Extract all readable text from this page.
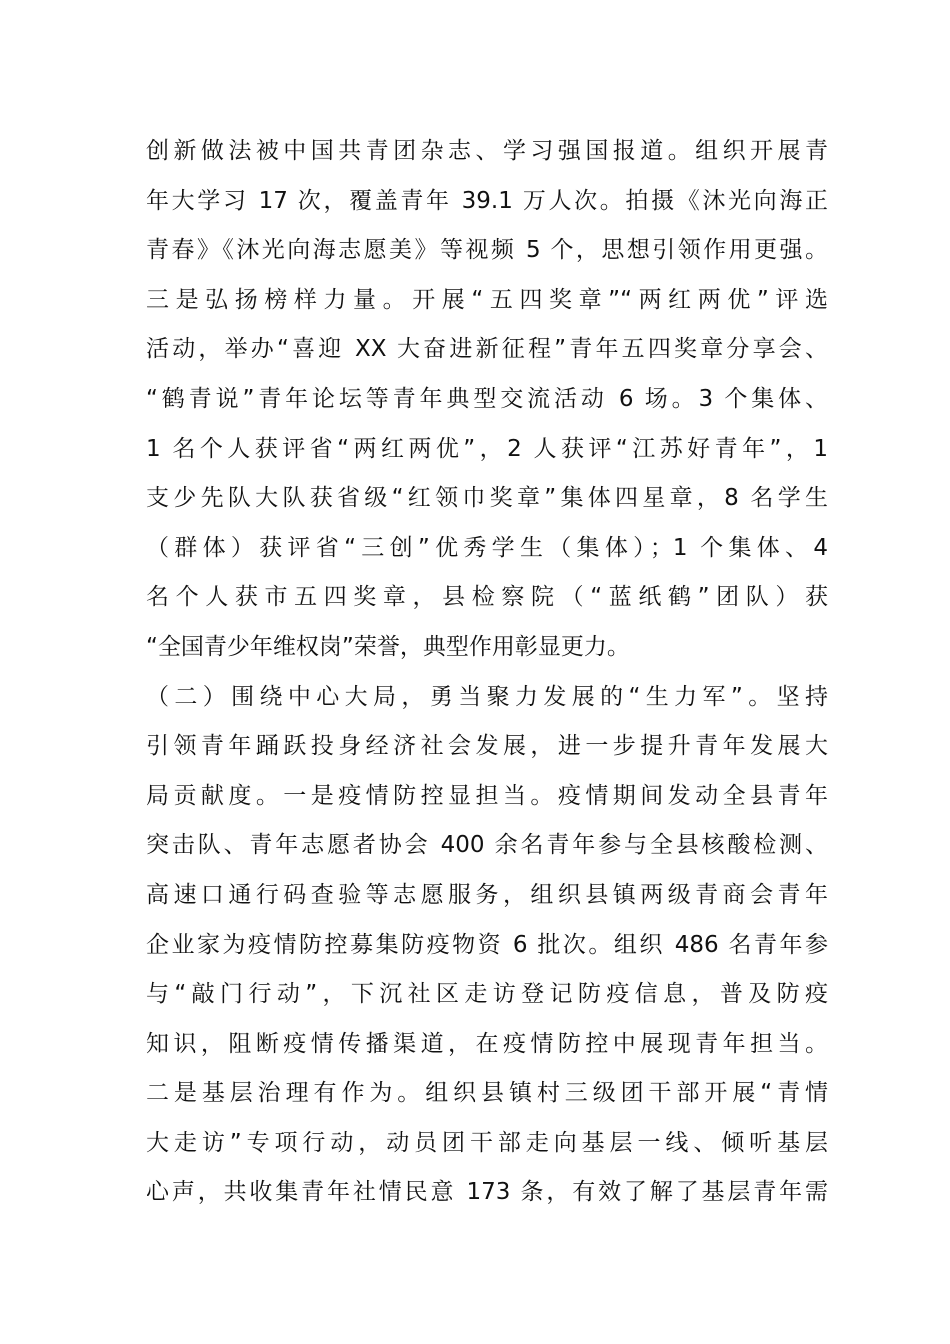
创新做法被中国共青团杂志、学习强国报道。组织开展青
年大学习 17 次，覆盖青年 39.1 万人次。拍摄《沐光向海正
青春》《沐光向海志愿美》等视频 5 个，思想引领作用更强。
三是弘扬榜样力量。开展“五四奖章”“两红两优”评选
活动，举办“喜迎 XX 大奋进新征程”青年五四奖章分享会、
“鹤青说”青年论坛等青年典型交流活动 6 场。3 个集体、
1 名个人获评省“两红两优”，2 人获评“江苏好青年”，1
支少先队大队获省级“红领巾奖章”集体四星章，8 名学生
（群体）获评省“三创”优秀学生（集体）；1 个集体、4
名个人获市五四奖章，县检察院（“蓝纸鹤”团队）获
“全国青少年维权岗”荣誉，典型作用彰显更力。
（二）围绕中心大局，勇当聚力发展的“生力军”。坚持
引领青年踊跃投身经济社会发展，进一步提升青年发展大
局贡献度。一是疫情防控显担当。疫情期间发动全县青年
突击队、青年志愿者协会 400 余名青年参与全县核酸检测、
高速口通行码查验等志愿服务，组织县镇两级青商会青年
企业家为疫情防控募集防疫物资 6 批次。组织 486 名青年参
与“敲门行动”，下沉社区走访登记防疫信息，普及防疫
知识，阻断疫情传播渠道，在疫情防控中展现青年担当。
二是基层治理有作为。组织县镇村三级团干部开展“青情
大走访”专项行动，动员团干部走向基层一线、倾听基层
心声，共收集青年社情民意 173 条，有效了解了基层青年需
